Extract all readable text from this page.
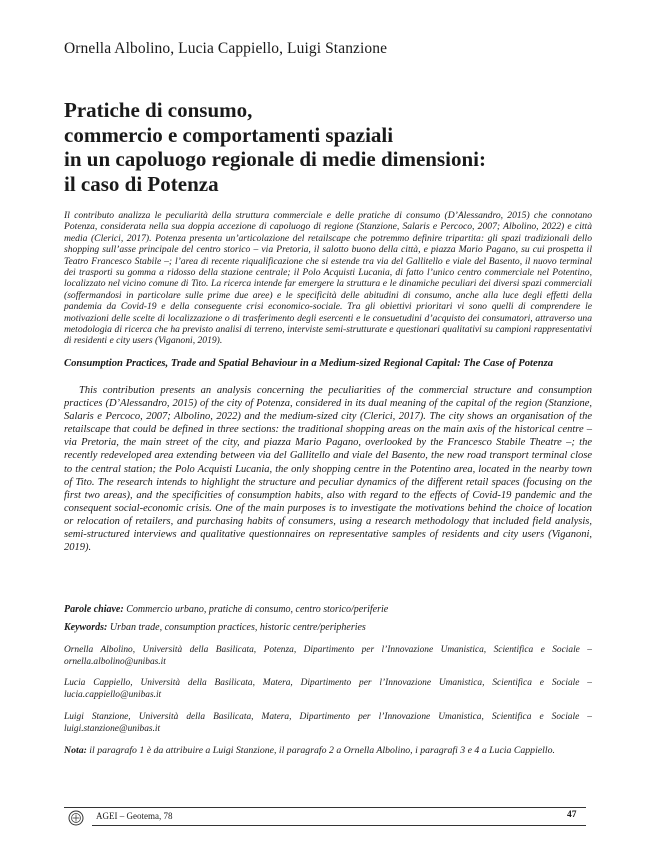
Ornella Albolino, Lucia Cappiello, Luigi Stanzione
Pratiche di consumo,
commercio e comportamenti spaziali
in un capoluogo regionale di medie dimensioni:
il caso di Potenza

Il contributo analizza le peculiarità della struttura commerciale e delle pratiche di consumo (D’Alessandro, 2015) che connotano Potenza, considerata nella sua doppia accezione di capoluogo di regione (Stanzione, Salaris e Percoco, 2007; Albolino, 2022) e città media (Clerici, 2017). Potenza presenta un’articolazione del retailscape che potremmo definire tripartita: gli spazi tradizionali dello shopping sull’asse principale del centro storico – via Pretoria, il salotto buono della città, e piazza Mario Pagano, su cui prospetta il Teatro Francesco Stabile –; l’area di recente riqualificazione che si estende tra via del Gallitello e viale del Basento, il nuovo terminal dei trasporti su gomma a ridosso della stazione centrale; il Polo Acquisti Lucania, di fatto l’unico centro commerciale nel Potentino, localizzato nel vicino comune di Tito. La ricerca intende far emergere la struttura e le dinamiche peculiari dei diversi spazi commerciali (soffermandosi in particolare sulle prime due aree) e le specificità delle abitudini di consumo, anche alla luce degli effetti della pandemia da Covid-19 e della conseguente crisi economico-sociale. Tra gli obiettivi prioritari vi sono quelli di comprendere le motivazioni delle scelte di localizzazione o di trasferimento degli esercenti e le consuetudini d’acquisto dei consumatori, attraverso una metodologia di ricerca che ha previsto analisi di terreno, interviste semi-strutturate e questionari qualitativi su campioni rappresentativi di residenti e city users (Viganoni, 2019).

Consumption Practices, Trade and Spatial Behaviour in a Medium-sized Regional Capital: The Case of Potenza

This contribution presents an analysis concerning the peculiarities of the commercial structure and consumption practices (D’Alessandro, 2015) of the city of Potenza, considered in its dual meaning of the capital of the region (Stanzione, Salaris e Percoco, 2007; Albolino, 2022) and the medium-sized city (Clerici, 2017). The city shows an organisation of the retailscape that could be defined in three sections: the traditional shopping areas on the main axis of the historical centre – via Pretoria, the main street of the city, and piazza Mario Pagano, overlooked by the Francesco Stabile Theatre –; the recently redeveloped area extending between via del Gallitello and viale del Basento, the new road transport terminal close to the central station; the Polo Acquisti Lucania, the only shopping centre in the Potentino area, located in the nearby town of Tito. The research intends to highlight the structure and peculiar dynamics of the different retail spaces (focusing on the first two areas), and the specificities of consumption habits, also with regard to the effects of Covid-19 pandemic and the consequent social-economic crisis. One of the main purposes is to investigate the motivations behind the choice of location or relocation of retailers, and purchasing habits of consumers, using a research methodology that included field analysis, semi-structured interviews and qualitative questionnaires on representative samples of residents and city users (Viganoni, 2019).

Parole chiave: Commercio urbano, pratiche di consumo, centro storico/periferie
Keywords: Urban trade, consumption practices, historic centre/peripheries

Ornella Albolino, Università della Basilicata, Potenza, Dipartimento per l’Innovazione Umanistica, Scientifica e Sociale – ornella.albolino@unibas.it

Lucia Cappiello, Università della Basilicata, Matera, Dipartimento per l’Innovazione Umanistica, Scientifica e Sociale – lucia.cappiello@unibas.it

Luigi Stanzione, Università della Basilicata, Matera, Dipartimento per l’Innovazione Umanistica, Scientifica e Sociale – luigi.stanzione@unibas.it

Nota: il paragrafo 1 è da attribuire a Luigi Stanzione, il paragrafo 2 a Ornella Albolino, i paragrafi 3 e 4 a Lucia Cappiello.
AGEI – Geotema, 78	47
